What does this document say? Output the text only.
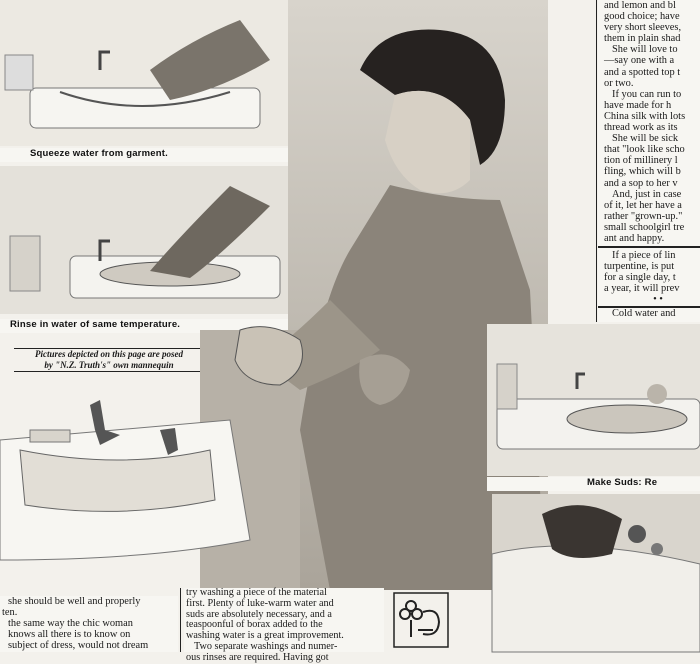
Squeeze water from garment.
Rinse in water of same temperature.
Pictures depicted on this page are posed
by "N.Z. Truth's" own mannequin

and lemon and bl

good choice; have

very short sleeves,

them in plain shad

She will love to

—say one with a

and a spotted top t

or two.

If you can run to

have made for h

China silk with lots

thread work as its

She will be sick

that "look like scho

tion of millinery l

fling, which will b

and a sop to her v

And, just in case

of it, let her have a

rather "grown-up."

small schoolgirl tre

ant and happy.

If a piece of lin

turpentine, is put

for a single day, t

a year, it will prev

• •

Cold water and

Make Suds: Re

she should be well and properly

ten.

the same way the chic woman

knows all there is to know on

subject of dress, would not dream

try washing a piece of the material

first. Plenty of luke-warm water and

suds are absolutely necessary, and a

teaspoonful of borax added to the

washing water is a great improvement.

Two separate washings and numer-

ous rinses are required. Having got
